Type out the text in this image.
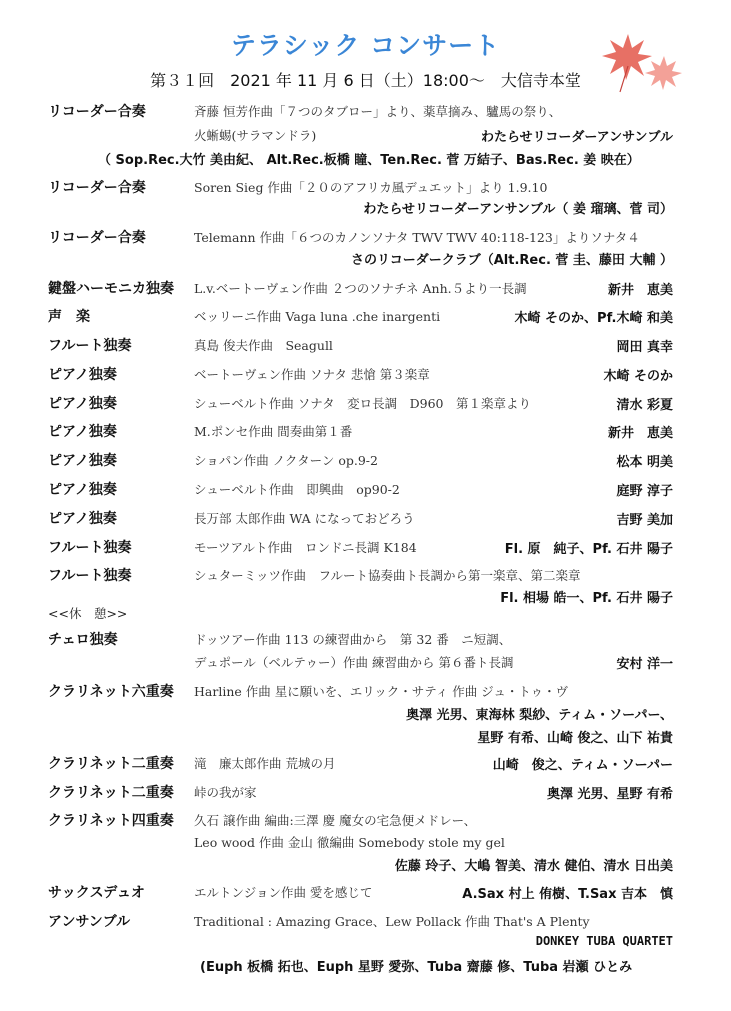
テラシック コンサート
第３１回　2021 年 11 月 6 日（土）18:00～　大信寺本堂
リコーダー合奏	斉藤 恒芳作曲「７つのタブロー」より、薬草摘み、驢馬の祭り、
火蜥蜴(サラマンドラ)	わたらせリコーダーアンサンブル
（ Sop.Rec.大竹 美由紀、 Alt.Rec.板橋 瞳、Ten.Rec. 菅 万結子、Bas.Rec. 姜 映在）
リコーダー合奏	Soren Sieg 作曲「２０のアフリカ風デュエット」より 1.9.10
わたらせリコーダーアンサンブル（ 姜 瑠璃、菅 司）
リコーダー合奏	Telemann 作曲「６つのカノンソナタ TWV TWV 40:118-123」よりソナタ４
さのリコーダークラブ（Alt.Rec. 菅 圭、藤田 大輔 ）
鍵盤ハーモニカ独奏 L.v.ベートーヴェン作曲 ２つのソナチネ Anh.５より一長調	新井　恵美
声　楽	ベッリーニ作曲 Vaga luna .che inargenti	木崎 そのか、Pf.木崎 和美
フルート独奏	真島 俊夫作曲　Seagull	岡田 真幸
ピアノ独奏	ベートーヴェン作曲 ソナタ 悲愴 第３楽章	木崎 そのか
ピアノ独奏	シューベルト作曲 ソナタ　変ロ長調　D960　第１楽章より	清水 彩夏
ピアノ独奏	M.ポンセ作曲 間奏曲第１番	新井　恵美
ピアノ独奏	ショパン作曲 ノクターン op.9-2	松本 明美
ピアノ独奏	シューベルト作曲　即興曲　op90-2	庭野 淳子
ピアノ独奏	長万部 太郎作曲 WA になっておどろう	吉野 美加
フルート独奏	モーツアルト作曲　ロンドニ長調 K184	Fl. 原　純子、Pf. 石井 陽子
フルート独奏	シュターミッツ作曲　フルート協奏曲ト長調から第一楽章、第二楽章
Fl. 相場 皓一、Pf. 石井 陽子
<<休　憩>>
チェロ独奏	ドッツアー作曲 113 の練習曲から　第 32 番　ニ短調、
デュポール（ベルテゥー）作曲 練習曲から 第６番ト長調	安村 洋一
クラリネット六重奏 Harline 作曲 星に願いを、エリック・サティ 作曲 ジュ・トゥ・ヴ
奥澤 光男、東海林 梨紗、ティム・ソーパー、
星野 有希、山崎 俊之、山下 祐貴
クラリネット二重奏 滝　廉太郎作曲 荒城の月	山崎　俊之、ティム・ソーパー
クラリネット二重奏 峠の我が家	奥澤 光男、星野 有希
クラリネット四重奏 久石 譲作曲 編曲:三澤 慶 魔女の宅急便メドレー、
Leo wood 作曲 金山 徹編曲 Somebody stole my gel
佐藤 玲子、大嶋 智美、清水 健伯、清水 日出美
サックスデュオ	エルトンジョン作曲 愛を感じて	A.Sax 村上 侑樹、T.Sax 吉本　慎
アンサンブル	Traditional : Amazing Grace、Lew Pollack 作曲 That's A Plenty
DONKEY TUBA QUARTET
(Euph 板橋 拓也、Euph 星野 愛弥、Tuba 齋藤 修、Tuba 岩瀬 ひとみ
